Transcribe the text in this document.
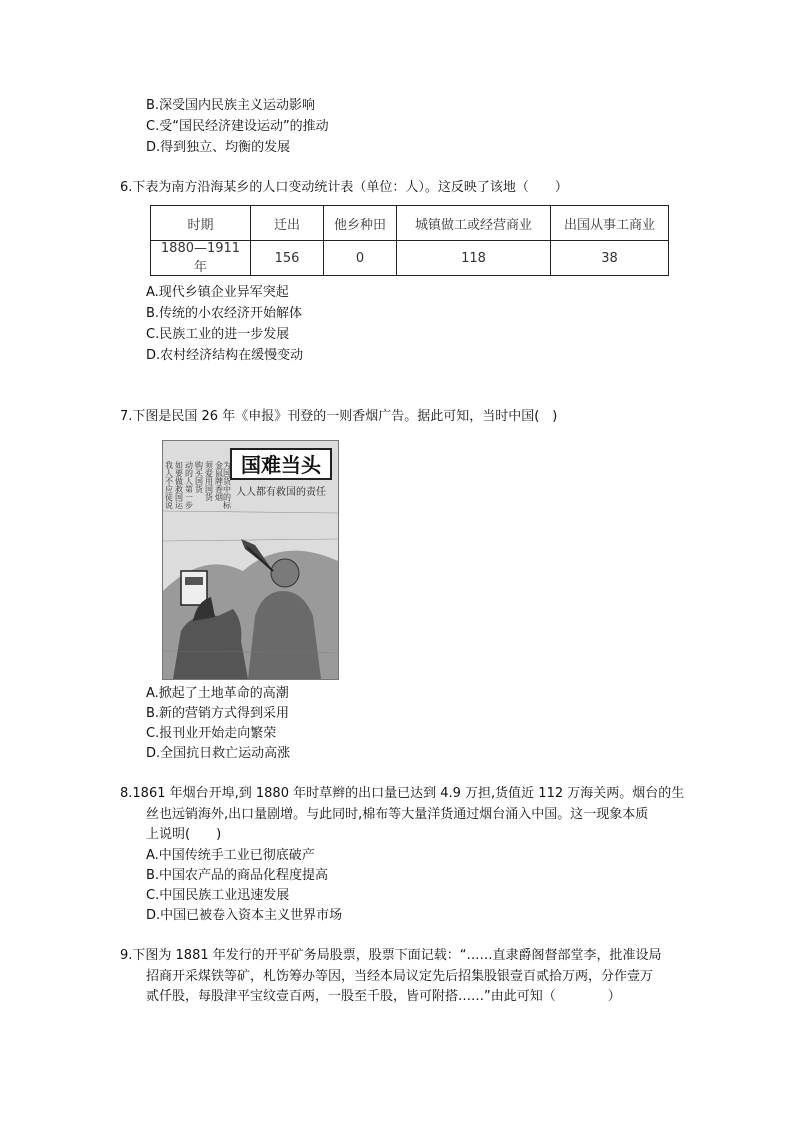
B.深受国内民族主义运动影响
C.受“国民经济建设运动”的推动
D.得到独立、均衡的发展
6.下表为南方沿海某乡的人口变动统计表（单位：人）。这反映了该地（　　）
时期	迁出	他乡种田	城镇做工或经营商业	出国从事工商业
1880—1911 年	156	0	118	38
A.现代乡镇企业异军突起
B.传统的小农经济开始解体
C.民族工业的进一步发展
D.农村经济结构在缓慢变动
7.下图是民国 26 年《申报》刊登的一则香烟广告。据此可知，当时中国(　)
国难当头
人人都有救国的责任
我人不应徒说 如要做救国运 动的人第一步 购买国货 须爱用国货 金鼠牌香烟 为国货中的标
A.掀起了土地革命的高潮
B.新的营销方式得到采用
C.报刊业开始走向繁荣
D.全国抗日救亡运动高涨
8.1861 年烟台开埠,到 1880 年时草辫的出口量已达到 4.9 万担,货值近 112 万海关两。烟台的生
丝也远销海外,出口量剧增。与此同时,棉布等大量洋货通过烟台涌入中国。这一现象本质
上说明(　　)
A.中国传统手工业已彻底破产
B.中国农产品的商品化程度提高
C.中国民族工业迅速发展
D.中国已被卷入资本主义世界市场
9.下图为 1881 年发行的开平矿务局股票，股票下面记载：“……直隶爵阁督部堂李，批准设局
招商开采煤铁等矿，札饬筹办等因，当经本局议定先后招集股银壹百贰拾万两，分作壹万
贰仟股，每股津平宝纹壹百两，一股至千股，皆可附搭……”由此可知（　　　　）
